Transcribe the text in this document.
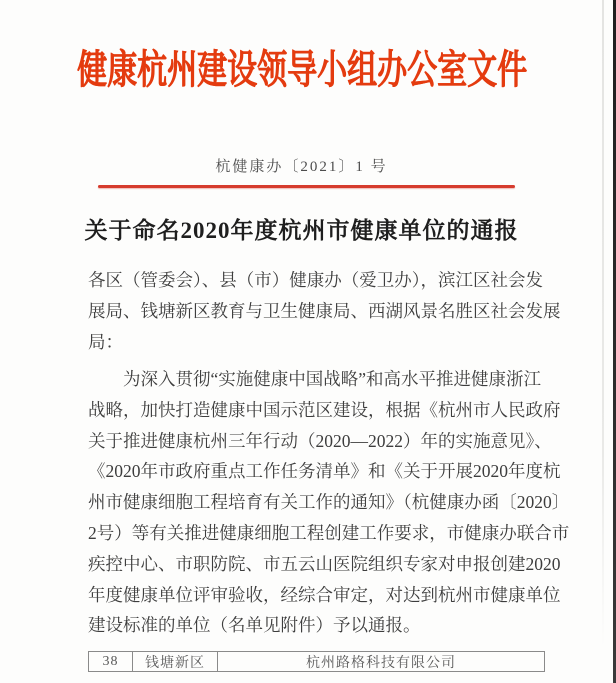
健康杭州建设领导小组办公室文件
杭健康办〔2021〕1 号
关于命名2020年度杭州市健康单位的通报
各区（管委会）、县（市）健康办（爱卫办），滨江区社会发
展局、钱塘新区教育与卫生健康局、西湖风景名胜区社会发展
局：
　　为深入贯彻“实施健康中国战略”和高水平推进健康浙江
战略，加快打造健康中国示范区建设，根据《杭州市人民政府
关于推进健康杭州三年行动（2020—2022）年的实施意见》、
《2020年市政府重点工作任务清单》和《关于开展2020年度杭
州市健康细胞工程培育有关工作的通知》（杭健康办函〔2020〕
2号）等有关推进健康细胞工程创建工作要求，市健康办联合市
疾控中心、市职防院、市五云山医院组织专家对申报创建2020
年度健康单位评审验收，经综合审定，对达到杭州市健康单位
建设标准的单位（名单见附件）予以通报。
38	钱塘新区	杭州路格科技有限公司
